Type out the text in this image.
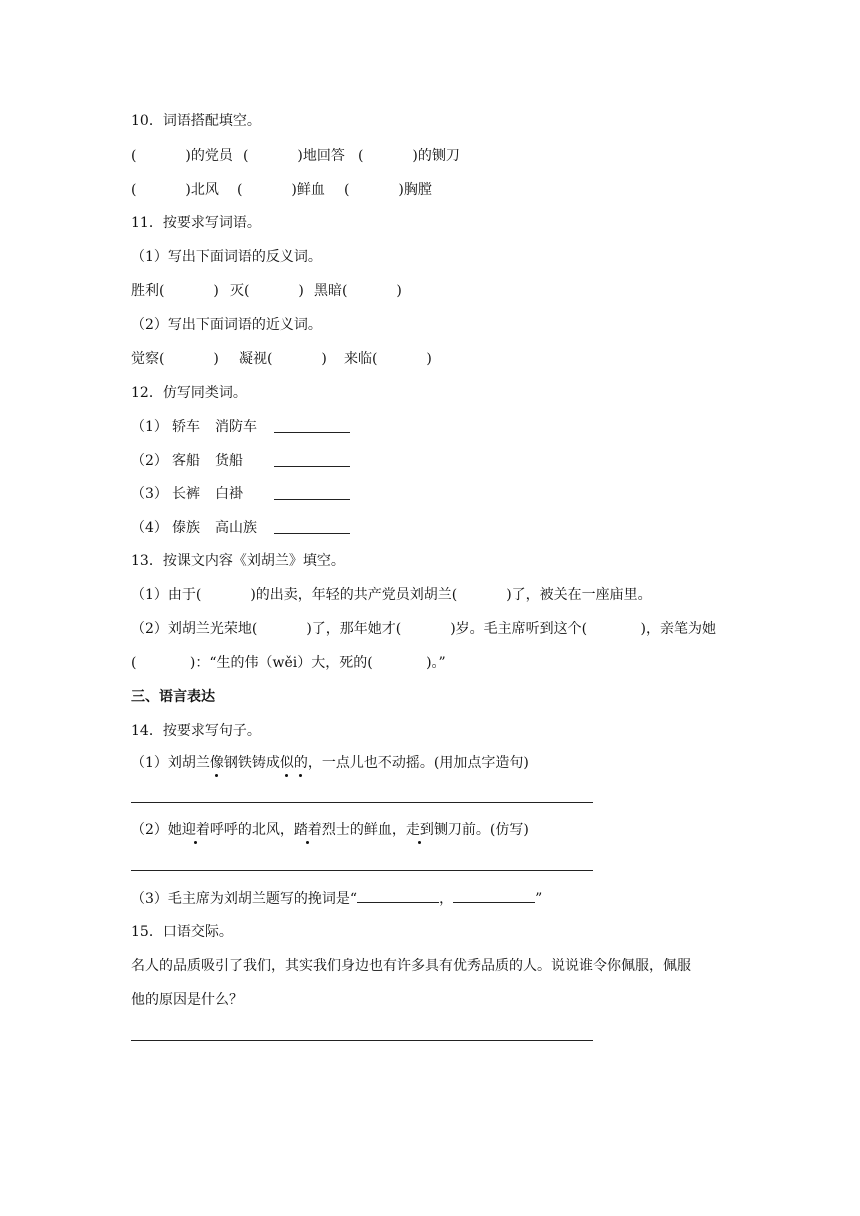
10．词语搭配填空。
(           )的党员 (           )地回答 (           )的铡刀
(           )北风 (           )鲜血 (           )胸膛
11．按要求写词语。
（1）写出下面词语的反义词。
胜利(           ) 灭(           ) 黑暗(           )
（2）写出下面词语的近义词。
觉察(           ) 凝视(           ) 来临(           )
12．仿写同类词。
（1） 轿车 消防车
（2） 客船 货船
（3） 长裤 白褂
（4） 傣族 高山族
13．按课文内容《刘胡兰》填空。
（1）由于(           )的出卖，年轻的共产党员刘胡兰(           )了，被关在一座庙里。
（2）刘胡兰光荣地(           )了，那年她才(           )岁。毛主席听到这个(            )，亲笔为她
(            )：“生的伟（wěi）大，死的(            )。”
三、语言表达
14．按要求写句子。
（1）刘胡兰像钢铁铸成似的，一点儿也不动摇。(用加点字造句)
（2）她迎着呼呼的北风，踏着烈士的鲜血，走到铡刀前。(仿写)
（3）毛主席为刘胡兰题写的挽词是“	，	”
15．口语交际。
名人的品质吸引了我们，其实我们身边也有许多具有优秀品质的人。说说谁令你佩服，佩服
他的原因是什么？
